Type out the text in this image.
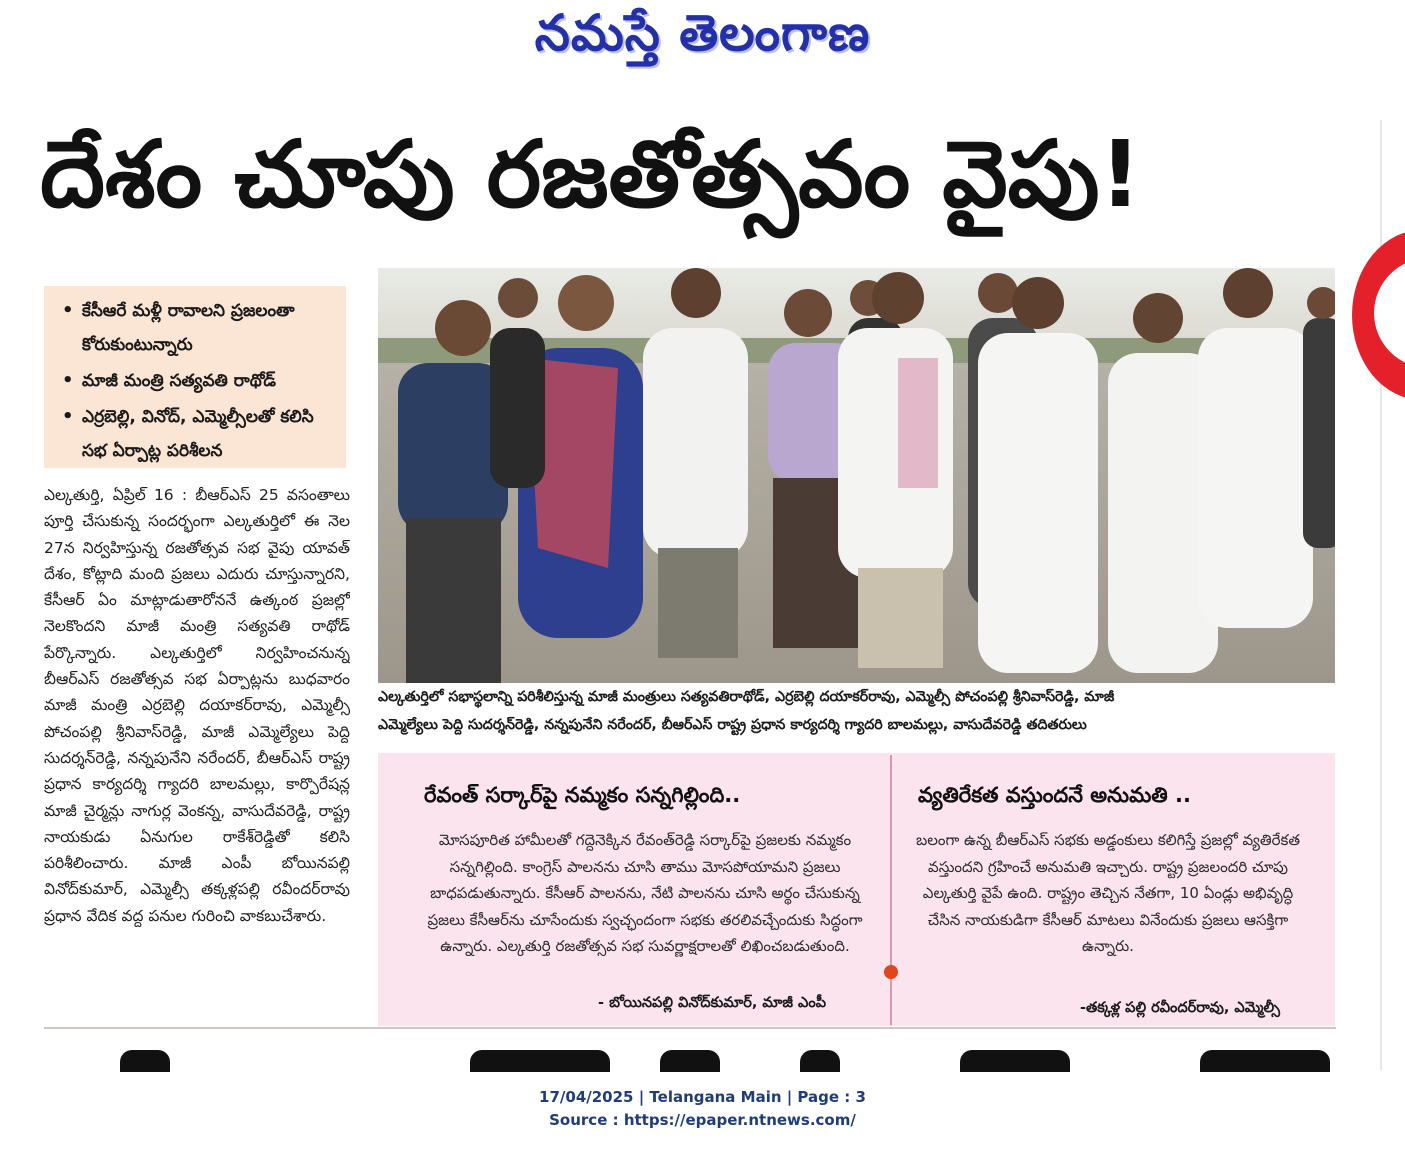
నమస్తే తెలంగాణ
దేశం చూపు రజతోత్సవం వైపు!
• కేసీఆరే మళ్లీ రావాలని ప్రజలంతా కోరుకుంటున్నారు
• మాజీ మంత్రి సత్యవతి రాథోడ్
• ఎర్రబెల్లి, వినోద్, ఎమ్మెల్సీలతో కలిసి సభ ఏర్పాట్ల పరిశీలన
ఎల్కతుర్తి, ఏప్రిల్ 16 : బీఆర్ఎస్ 25 వసంతాలు పూర్తి చేసుకున్న సందర్భంగా ఎల్కతుర్తిలో ఈ నెల 27న నిర్వహిస్తున్న రజతోత్సవ సభ వైపు యావత్ దేశం, కోట్లాది మంది ప్రజలు ఎదురు చూస్తున్నారని, కేసీఆర్ ఏం మాట్లాడుతారోననే ఉత్కంఠ ప్రజల్లో నెలకొందని మాజీ మంత్రి సత్యవతి రాథోడ్ పేర్కొన్నారు. ఎల్కతుర్తిలో నిర్వహించనున్న బీఆర్ఎస్ రజతోత్సవ సభ ఏర్పాట్లను బుధవారం మాజీ మంత్రి ఎర్రబెల్లి దయాకర్‌రావు, ఎమ్మెల్సీ పోచంపల్లి శ్రీనివాస్‌రెడ్డి, మాజీ ఎమ్మెల్యేలు పెద్ది సుదర్శన్‌రెడ్డి, నన్నపునేని నరేందర్, బీఆర్ఎస్ రాష్ట్ర ప్రధాన కార్యదర్శి గ్యాదరి బాలమల్లు, కార్పొరేషన్ల మాజీ చైర్మన్లు నాగుర్ల వెంకన్న, వాసుదేవరెడ్డి, రాష్ట్ర నాయకుడు ఏనుగుల రాకేశ్‌రెడ్డితో కలిసి పరిశీలించారు. మాజీ ఎంపీ బోయినపల్లి వినోద్‌కుమార్, ఎమ్మెల్సీ తక్కళ్లపల్లి రవీందర్‌రావు ప్రధాన వేదిక వద్ద పనుల గురించి వాకబుచేశారు.
ఎల్కతుర్తిలో సభాస్థలాన్ని పరిశీలిస్తున్న మాజీ మంత్రులు సత్యవతిరాథోడ్, ఎర్రబెల్లి దయాకర్‌రావు, ఎమ్మెల్సీ పోచంపల్లి శ్రీనివాస్‌రెడ్డి, మాజీ
ఎమ్మెల్యేలు పెద్ది సుదర్శన్‌రెడ్డి, నన్నపునేని నరేందర్, బీఆర్ఎస్ రాష్ట్ర ప్రధాన కార్యదర్శి గ్యాదరి బాలమల్లు, వాసుదేవరెడ్డి తదితరులు
రేవంత్ సర్కార్‌పై నమ్మకం సన్నగిల్లింది..
మోసపూరిత హామీలతో గద్దెనెక్కిన రేవంత్‌రెడ్డి సర్కార్‌పై ప్రజలకు నమ్మకం సన్నగిల్లింది. కాంగ్రెస్ పాలనను చూసి తాము మోసపోయామని ప్రజలు బాధపడుతున్నారు. కేసీఆర్ పాలనను, నేటి పాలనను చూసి అర్థం చేసుకున్న ప్రజలు కేసీఆర్‌ను చూసేందుకు స్వచ్ఛందంగా సభకు తరలివచ్చేందుకు సిద్ధంగా ఉన్నారు. ఎల్కతుర్తి రజతోత్సవ సభ సువర్ణాక్షరాలతో లిఖించబడుతుంది.
- బోయినపల్లి వినోద్‌కుమార్, మాజీ ఎంపీ
వ్యతిరేకత వస్తుందనే అనుమతి ..
బలంగా ఉన్న బీఆర్ఎస్ సభకు అడ్డంకులు కలిగిస్తే ప్రజల్లో వ్యతిరేకత వస్తుందని గ్రహించే అనుమతి ఇచ్చారు. రాష్ట్ర ప్రజలందరి చూపు ఎల్కతుర్తి వైపే ఉంది. రాష్ట్రం తెచ్చిన నేతగా, 10 ఏండ్లు అభివృద్ధి చేసిన నాయకుడిగా కేసీఆర్ మాటలు వినేందుకు ప్రజలు ఆసక్తిగా ఉన్నారు.
-తక్కళ్ల పల్లి రవీందర్‌రావు, ఎమ్మెల్సీ
17/04/2025 | Telangana Main | Page : 3
Source : https://epaper.ntnews.com/
